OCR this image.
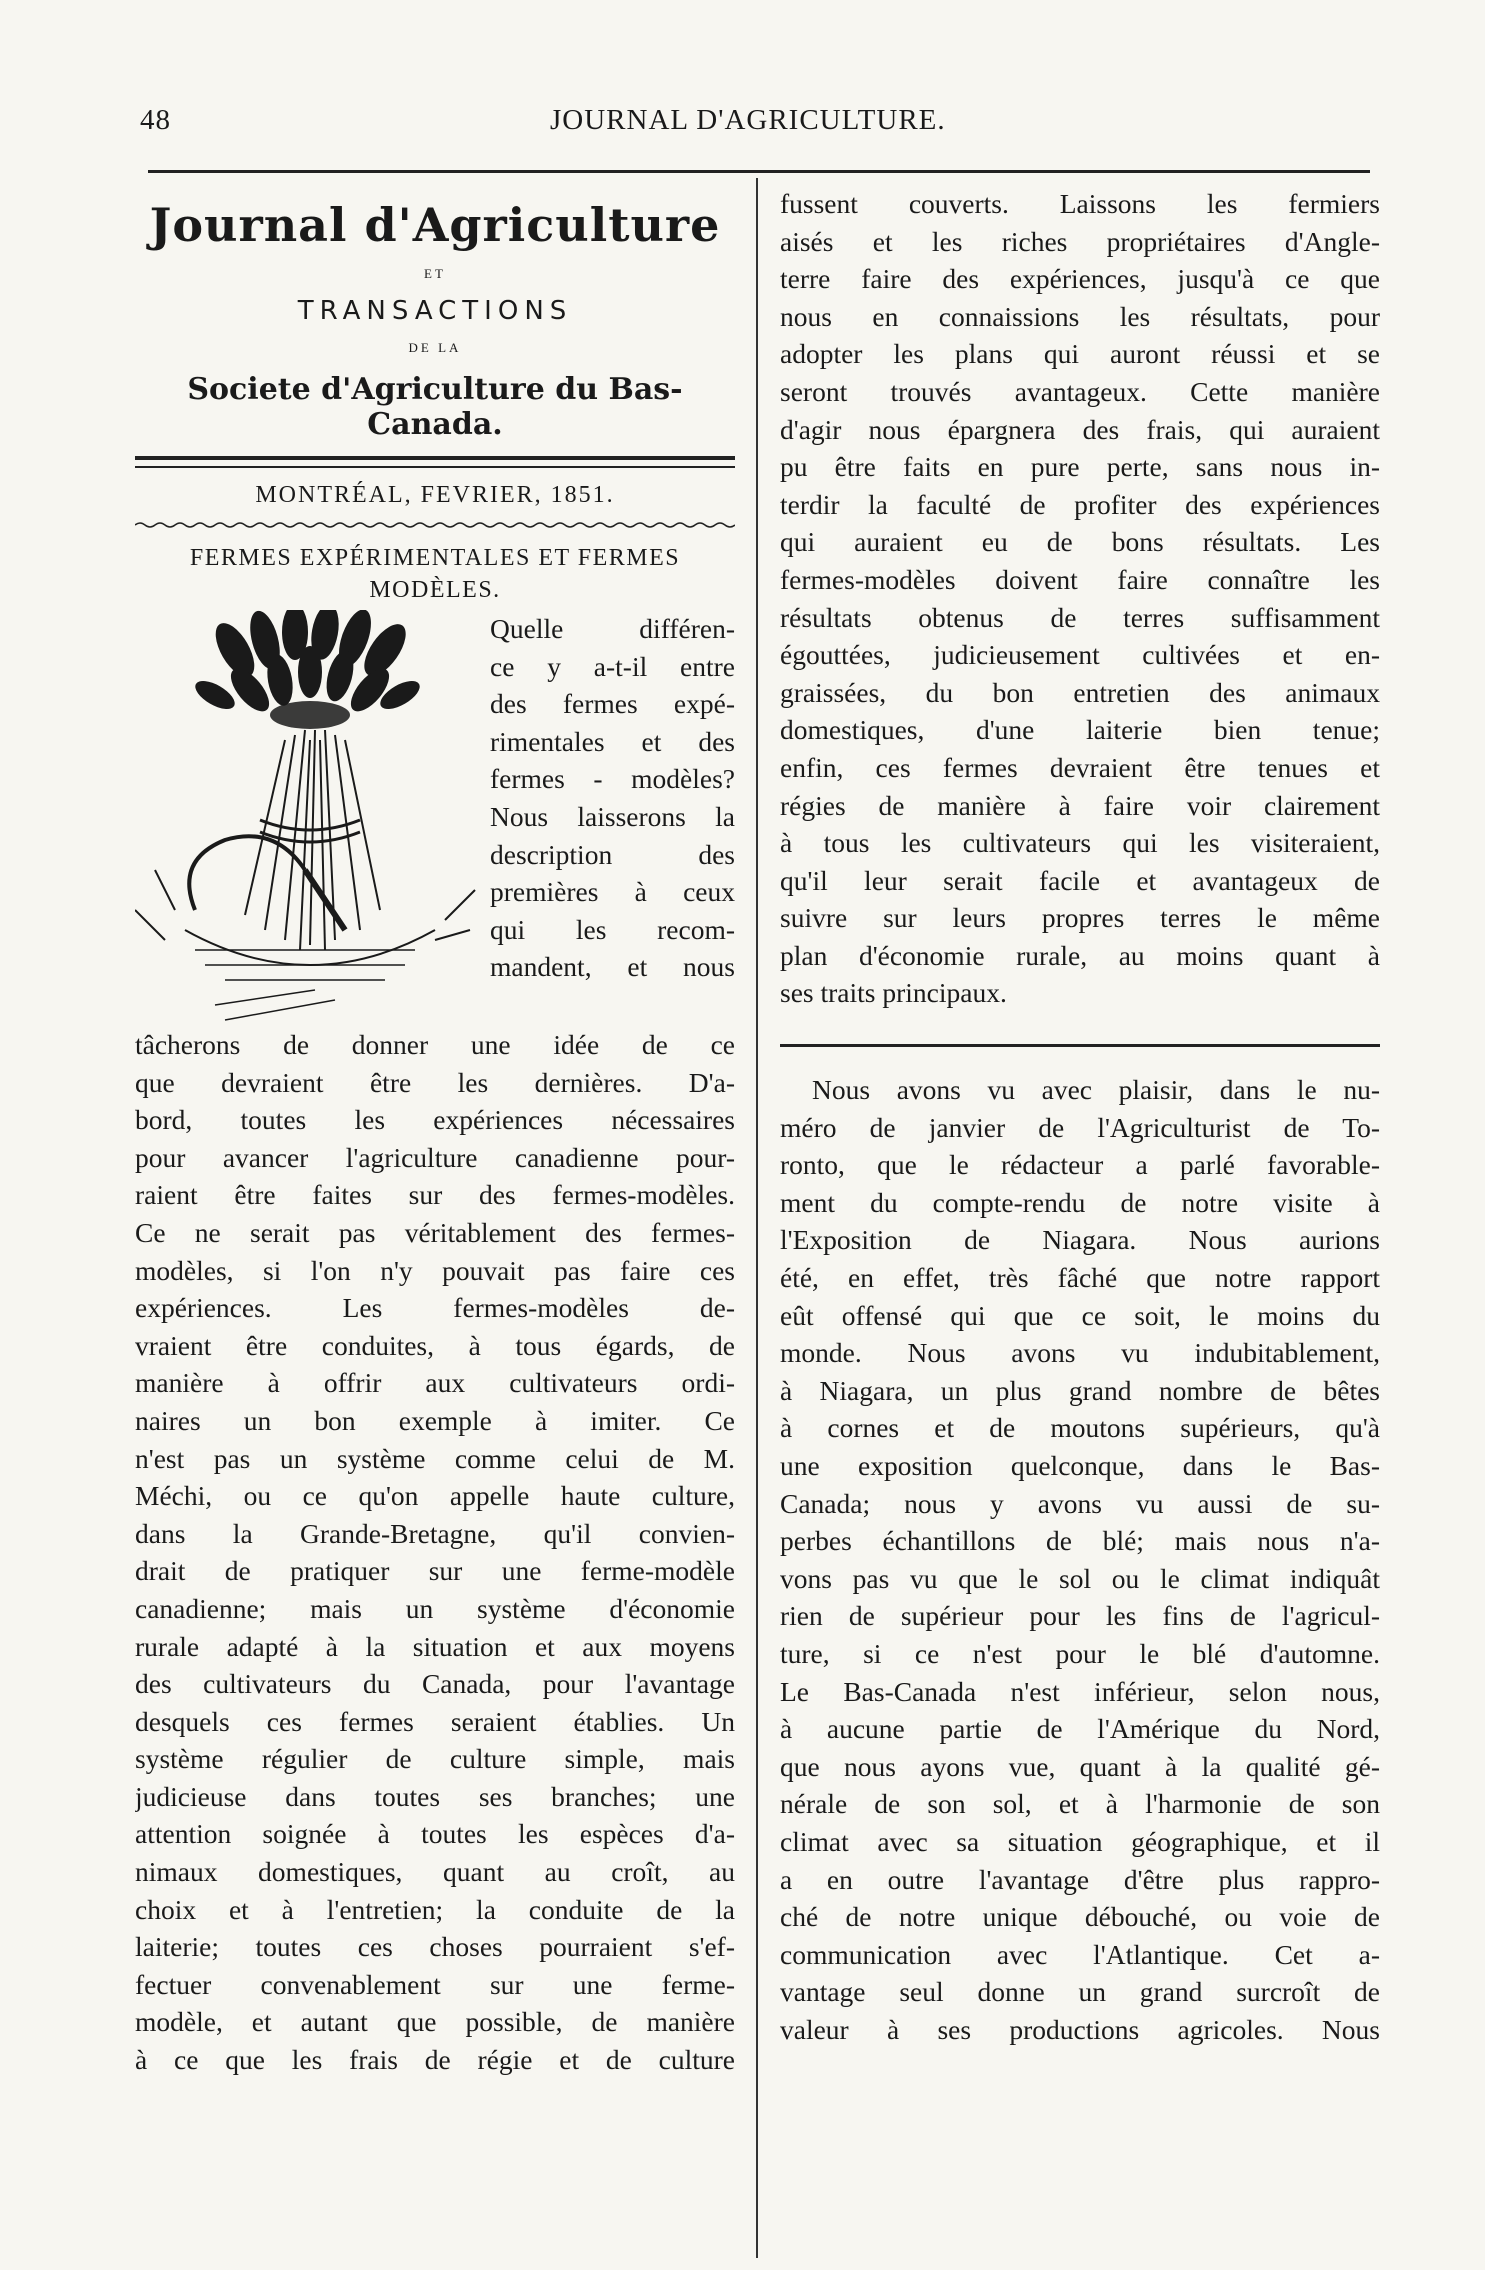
48	JOURNAL D'AGRICULTURE.
Journal d'Agriculture
ET
TRANSACTIONS
DE LA
Societe d'Agriculture du Bas-Canada.
MONTRÉAL, FEVRIER, 1851.
FERMES EXPÉRIMENTALES ET FERMES
MODÈLES.
Quelle différen-
ce y a-t-il entre
des fermes expé-
rimentales et des
fermes - modèles?
Nous laisserons la
description des
premières à ceux
qui les recom-
mandent, et nous
tâcherons de donner une idée de ce
que devraient être les dernières. D'a-
bord, toutes les expériences nécessaires
pour avancer l'agriculture canadienne pour-
raient être faites sur des fermes-modèles.
Ce ne serait pas véritablement des fermes-
modèles, si l'on n'y pouvait pas faire ces
expériences. Les fermes-modèles de-
vraient être conduites, à tous égards, de
manière à offrir aux cultivateurs ordi-
naires un bon exemple à imiter. Ce
n'est pas un système comme celui de M.
Méchi, ou ce qu'on appelle haute culture,
dans la Grande-Bretagne, qu'il convien-
drait de pratiquer sur une ferme-modèle
canadienne; mais un système d'économie
rurale adapté à la situation et aux moyens
des cultivateurs du Canada, pour l'avantage
desquels ces fermes seraient établies. Un
système régulier de culture simple, mais
judicieuse dans toutes ses branches; une
attention soignée à toutes les espèces d'a-
nimaux domestiques, quant au croît, au
choix et à l'entretien; la conduite de la
laiterie; toutes ces choses pourraient s'ef-
fectuer convenablement sur une ferme-
modèle, et autant que possible, de manière
à ce que les frais de régie et de culture
fussent couverts. Laissons les fermiers
aisés et les riches propriétaires d'Angle-
terre faire des expériences, jusqu'à ce que
nous en connaissions les résultats, pour
adopter les plans qui auront réussi et se
seront trouvés avantageux. Cette manière
d'agir nous épargnera des frais, qui auraient
pu être faits en pure perte, sans nous in-
terdir la faculté de profiter des expériences
qui auraient eu de bons résultats. Les
fermes-modèles doivent faire connaître les
résultats obtenus de terres suffisamment
égouttées, judicieusement cultivées et en-
graissées, du bon entretien des animaux
domestiques, d'une laiterie bien tenue;
enfin, ces fermes devraient être tenues et
régies de manière à faire voir clairement
à tous les cultivateurs qui les visiteraient,
qu'il leur serait facile et avantageux de
suivre sur leurs propres terres le même
plan d'économie rurale, au moins quant à
ses traits principaux.
Nous avons vu avec plaisir, dans le nu-
méro de janvier de l'Agriculturist de To-
ronto, que le rédacteur a parlé favorable-
ment du compte-rendu de notre visite à
l'Exposition de Niagara. Nous aurions
été, en effet, très fâché que notre rapport
eût offensé qui que ce soit, le moins du
monde. Nous avons vu indubitablement,
à Niagara, un plus grand nombre de bêtes
à cornes et de moutons supérieurs, qu'à
une exposition quelconque, dans le Bas-
Canada; nous y avons vu aussi de su-
perbes échantillons de blé; mais nous n'a-
vons pas vu que le sol ou le climat indiquât
rien de supérieur pour les fins de l'agricul-
ture, si ce n'est pour le blé d'automne.
Le Bas-Canada n'est inférieur, selon nous,
à aucune partie de l'Amérique du Nord,
que nous ayons vue, quant à la qualité gé-
nérale de son sol, et à l'harmonie de son
climat avec sa situation géographique, et il
a en outre l'avantage d'être plus rappro-
ché de notre unique débouché, ou voie de
communication avec l'Atlantique. Cet a-
vantage seul donne un grand surcroît de
valeur à ses productions agricoles. Nous
